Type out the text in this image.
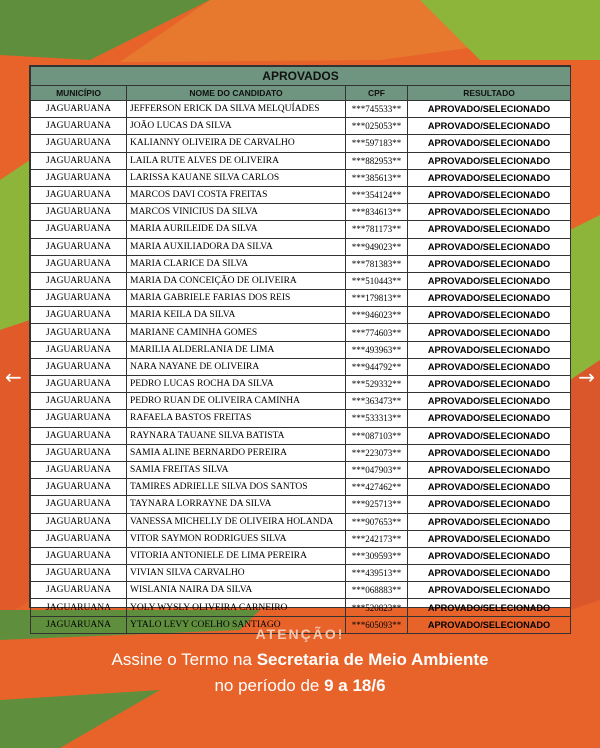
APROVADOS			
MUNICÍPIO	NOME DO CANDIDATO	CPF	RESULTADO
JAGUARUANA	JEFFERSON ERICK DA SILVA MELQUÍADES	***745533**	APROVADO/SELECIONADO
JAGUARUANA	JOÃO LUCAS DA SILVA	***025053**	APROVADO/SELECIONADO
JAGUARUANA	KALIANNY OLIVEIRA DE CARVALHO	***597183**	APROVADO/SELECIONADO
JAGUARUANA	LAILA RUTE ALVES DE OLIVEIRA	***882953**	APROVADO/SELECIONADO
JAGUARUANA	LARISSA KAUANE SILVA CARLOS	***385613**	APROVADO/SELECIONADO
JAGUARUANA	MARCOS DAVI COSTA FREITAS	***354124**	APROVADO/SELECIONADO
JAGUARUANA	MARCOS VINICIUS DA SILVA	***834613**	APROVADO/SELECIONADO
JAGUARUANA	MARIA AURILEIDE DA SILVA	***781173**	APROVADO/SELECIONADO
JAGUARUANA	MARIA AUXILIADORA DA SILVA	***949023**	APROVADO/SELECIONADO
JAGUARUANA	MARIA CLARICE DA SILVA	***781383**	APROVADO/SELECIONADO
JAGUARUANA	MARIA DA CONCEIÇÃO DE OLIVEIRA	***510443**	APROVADO/SELECIONADO
JAGUARUANA	MARIA GABRIELE FARIAS DOS REIS	***179813**	APROVADO/SELECIONADO
JAGUARUANA	MARIA KEILA DA SILVA	***946023**	APROVADO/SELECIONADO
JAGUARUANA	MARIANE CAMINHA GOMES	***774603**	APROVADO/SELECIONADO
JAGUARUANA	MARILIA ALDERLANIA DE LIMA	***493963**	APROVADO/SELECIONADO
JAGUARUANA	NARA NAYANE DE OLIVEIRA	***944792**	APROVADO/SELECIONADO
JAGUARUANA	PEDRO LUCAS ROCHA DA SILVA	***529332**	APROVADO/SELECIONADO
JAGUARUANA	PEDRO RUAN DE OLIVEIRA CAMINHA	***363473**	APROVADO/SELECIONADO
JAGUARUANA	RAFAELA BASTOS FREITAS	***533313**	APROVADO/SELECIONADO
JAGUARUANA	RAYNARA TAUANE SILVA BATISTA	***087103**	APROVADO/SELECIONADO
JAGUARUANA	SAMIA ALINE BERNARDO PEREIRA	***223073**	APROVADO/SELECIONADO
JAGUARUANA	SAMIA FREITAS SILVA	***047903**	APROVADO/SELECIONADO
JAGUARUANA	TAMIRES ADRIELLE SILVA DOS SANTOS	***427462**	APROVADO/SELECIONADO
JAGUARUANA	TAYNARA LORRAYNE DA SILVA	***925713**	APROVADO/SELECIONADO
JAGUARUANA	VANESSA MICHELLY DE OLIVEIRA HOLANDA	***907653**	APROVADO/SELECIONADO
JAGUARUANA	VITOR SAYMON RODRIGUES SILVA	***242173**	APROVADO/SELECIONADO
JAGUARUANA	VITORIA ANTONIELE DE LIMA PEREIRA	***309593**	APROVADO/SELECIONADO
JAGUARUANA	VIVIAN SILVA CARVALHO	***439513**	APROVADO/SELECIONADO
JAGUARUANA	WISLANIA NAIRA DA SILVA	***068883**	APROVADO/SELECIONADO
JAGUARUANA	YOLY WYSLY OLIVEIRA CARNEIRO	***520823**	APROVADO/SELECIONADO
JAGUARUANA	YTALO LEVY COELHO SANTIAGO	***605093**	APROVADO/SELECIONADO
←	→
ATENÇÃO!
Assine o Termo na Secretaria de Meio Ambiente
no período de 9 a 18/6
